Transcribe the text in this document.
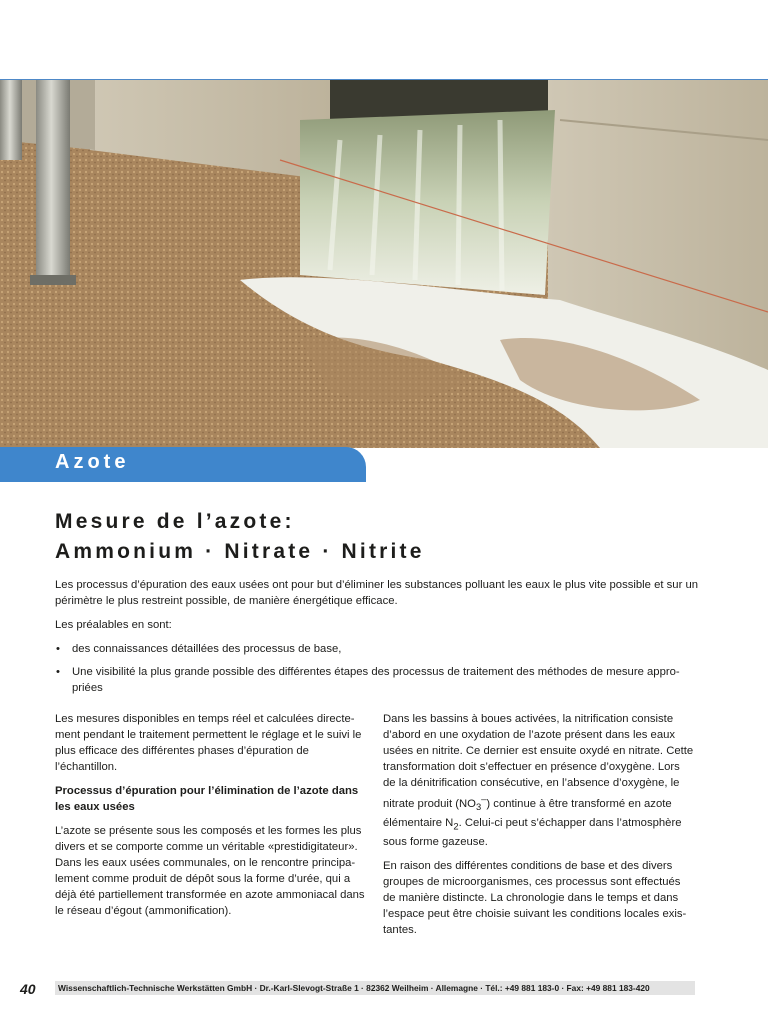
Azote
Mesure de l’azote:
Ammonium · Nitrate · Nitrite

Les processus d’épuration des eaux usées ont pour but d’éliminer les substances polluant les eaux le plus vite possible et sur un périmètre le plus restreint possible, de manière énergétique efficace.

Les préalables en sont:

• des connaissances détaillées des processus de base,
• Une visibilité la plus grande possible des différentes étapes des processus de traitement des méthodes de mesure appro-priées

Les mesures disponibles en temps réel et calculées directe-ment pendant le traitement permettent le réglage et le suivi le plus efficace des différentes phases d’épuration de l’échantillon.

Processus d’épuration pour l’élimination de l’azote dans les eaux usées

L’azote se présente sous les composés et les formes les plus divers et se comporte comme un véritable «prestidigitateur». Dans les eaux usées communales, on le rencontre principa-lement comme produit de dépôt sous la forme d’urée, qui a déjà été partiellement transformée en azote ammoniacal dans le réseau d’égout (ammonification).

Dans les bassins à boues activées, la nitrification consiste d’abord en une oxydation de l’azote présent dans les eaux usées en nitrite. Ce dernier est ensuite oxydé en nitrate. Cette transformation doit s’effectuer en présence d’oxygène. Lors de la dénitrification consécutive, en l’absence d’oxygène, le nitrate produit $(NO_3^-)$ continue à être transformé en azote élémentaire $N_2$. Celui-ci peut s’échapper dans l’atmosphère sous forme gazeuse.

En raison des différentes conditions de base et des divers groupes de microorganismes, ces processus sont effectués de manière distincte. La chronologie dans le temps et dans l’espace peut être choisie suivant les conditions locales exis-tantes.

40	Wissenschaftlich-Technische Werkstätten GmbH · Dr.-Karl-Slevogt-Straße 1 · 82362 Weilheim · Allemagne · Tél.: +49 881 183-0 · Fax: +49 881 183-420
